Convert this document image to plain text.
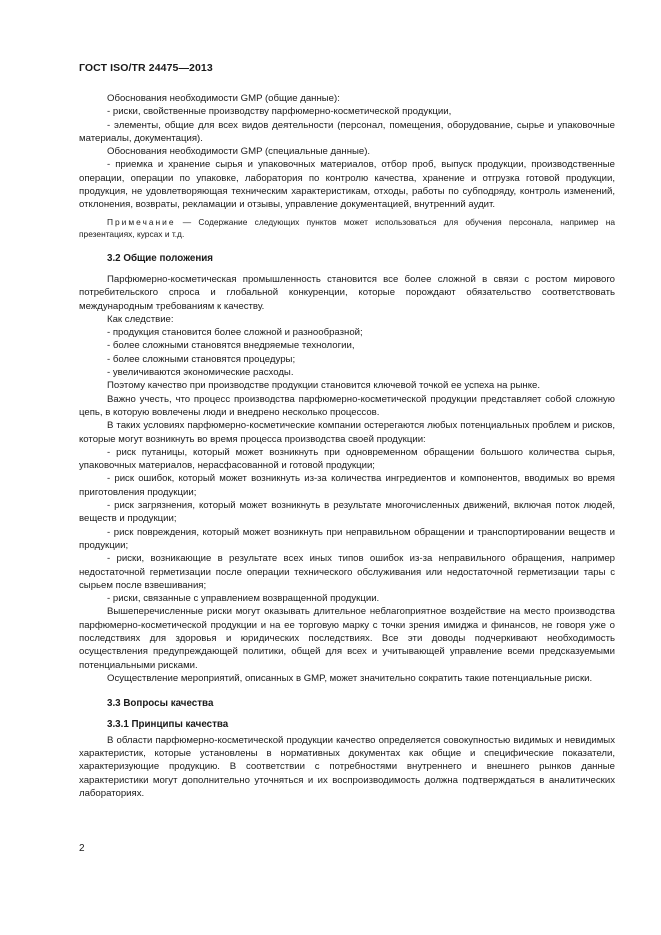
ГОСТ ISO/TR 24475—2013

Обоснования необходимости GMP (общие данные):

- риски, свойственные производству парфюмерно-косметической продукции,

- элементы, общие для всех видов деятельности (персонал, помещения, оборудование, сырье и упаковочные материалы, документация).

Обоснования необходимости GMP (специальные данные).

- приемка и хранение сырья и упаковочных материалов, отбор проб, выпуск продукции, производственные операции, операции по упаковке, лаборатория по контролю качества, хранение и отгрузка готовой продукции, продукция, не удовлетворяющая техническим характеристикам, отходы, работы по субподряду, контроль изменений, отклонения, возвраты, рекламации и отзывы, управление документацией, внутренний аудит.

Примечание — Содержание следующих пунктов может использоваться для обучения персонала, например на презентациях, курсах и т.д.

3.2 Общие положения

Парфюмерно-косметическая промышленность становится все более сложной в связи с ростом мирового потребительского спроса и глобальной конкуренции, которые порождают обязательство соответствовать международным требованиям к качеству.

Как следствие:

- продукция становится более сложной и разнообразной;

- более сложными становятся внедряемые технологии,

- более сложными становятся процедуры;

- увеличиваются экономические расходы.

Поэтому качество при производстве продукции становится ключевой точкой ее успеха на рынке.

Важно учесть, что процесс производства парфюмерно-косметической продукции представляет собой сложную цепь, в которую вовлечены люди и внедрено несколько процессов.

В таких условиях парфюмерно-косметические компании остерегаются любых потенциальных проблем и рисков, которые могут возникнуть во время процесса производства своей продукции:

- риск путаницы, который может возникнуть при одновременном обращении большого количества сырья, упаковочных материалов, нерасфасованной и готовой продукции;

- риск ошибок, который может возникнуть из-за количества ингредиентов и компонентов, вводимых во время приготовления продукции;

- риск загрязнения, который может возникнуть в результате многочисленных движений, включая поток людей, веществ и продукции;

- риск повреждения, который может возникнуть при неправильном обращении и транспортировании веществ и продукции;

- риски, возникающие в результате всех иных типов ошибок из-за неправильного обращения, например недостаточной герметизации после операции технического обслуживания или недостаточной герметизации тары с сырьем после взвешивания;

- риски, связанные с управлением возвращенной продукции.

Вышеперечисленные риски могут оказывать длительное неблагоприятное воздействие на место производства парфюмерно-косметической продукции и на ее торговую марку с точки зрения имиджа и финансов, не говоря уже о последствиях для здоровья и юридических последствиях. Все эти доводы подчеркивают необходимость осуществления предупреждающей политики, общей для всех и учитывающей управление всеми предсказуемыми потенциальными рисками.

Осуществление мероприятий, описанных в GMP, может значительно сократить такие потенциальные риски.

3.3 Вопросы качества
3.3.1 Принципы качества

В области парфюмерно-косметической продукции качество определяется совокупностью видимых и невидимых характеристик, которые установлены в нормативных документах как общие и специфические показатели, характеризующие продукцию. В соответствии с потребностями внутреннего и внешнего рынков данные характеристики могут дополнительно уточняться и их воспроизводимость должна подтверждаться в аналитических лабораториях.

2
